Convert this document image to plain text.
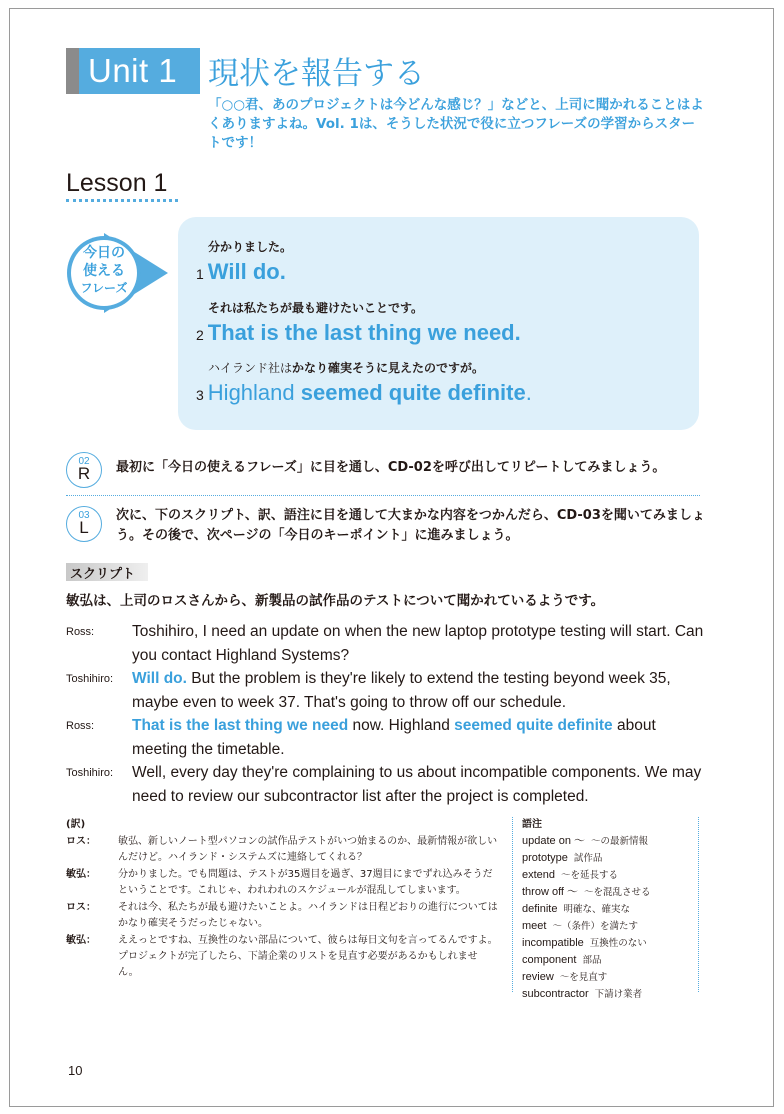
Unit 1 現状を報告する
「○○君、あのプロジェクトは今どんな感じ？」などと、上司に聞かれることはよくありますよね。Vol. 1は、そうした状況で役に立つフレーズの学習からスタートです！
Lesson 1
今日の
使える
フレーズ
分かりました。
1 Will do.
それは私たちが最も避けたいことです。
2 That is the last thing we need.
ハイランド社はかなり確実そうに見えたのですが。
3 Highland seemed quite definite.
02
R	最初に「今日の使えるフレーズ」に目を通し、CD-02を呼び出してリピートしてみましょう。
03
L
次に、下のスクリプト、訳、語注に目を通して大まかな内容をつかんだら、CD-03を聞いてみましょう。その後で、次ページの「今日のキーポイント」に進みましょう。
スクリプト
敏弘は、上司のロスさんから、新製品の試作品のテストについて聞かれているようです。
Ross: Toshihiro, I need an update on when the new laptop prototype testing will start. Can you contact Highland Systems?
Toshihiro: Will do. But the problem is they're likely to extend the testing beyond week 35, maybe even to week 37. That's going to throw off our schedule.
Ross: That is the last thing we need now. Highland seemed quite definite about meeting the timetable.
Toshihiro: Well, every day they're complaining to us about incompatible components. We may need to review our subcontractor list after the project is completed.
(訳)
ロス： 敏弘、新しいノート型パソコンの試作品テストがいつ始まるのか、最新情報が欲しいんだけど。ハイランド・システムズに連絡してくれる？
敏弘： 分かりました。でも問題は、テストが35週目を過ぎ、37週目にまでずれ込みそうだということです。これじゃ、われわれのスケジュールが混乱してしまいます。
ロス： それは今、私たちが最も避けたいことよ。ハイランドは日程どおりの進行についてはかなり確実そうだったじゃない。
敏弘： ええっとですね、互換性のない部品について、彼らは毎日文句を言ってるんですよ。プロジェクトが完了したら、下請企業のリストを見直す必要があるかもしれません。
語注
update on ～ ～の最新情報
prototype 試作品
extend ～を延長する
throw off ～ ～を混乱させる
definite 明確な、確実な
meet ～（条件）を満たす
incompatible 互換性のない
component 部品
review ～を見直す
subcontractor 下請け業者
10
